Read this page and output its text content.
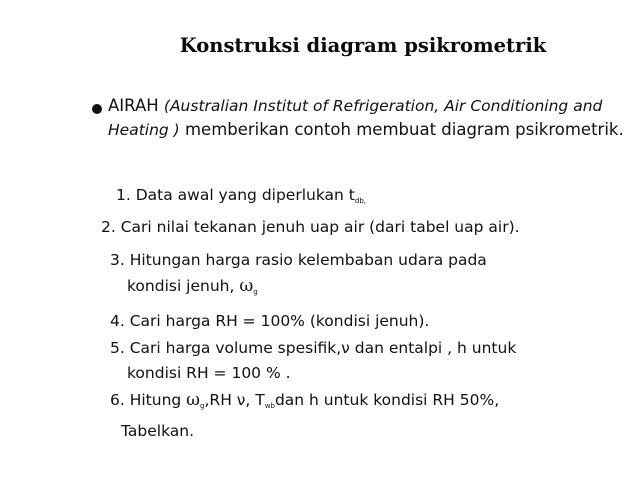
Konstruksi diagram psikrometrik
AIRAH (Australian Institut of Refrigeration, Air Conditioning and Heating ) memberikan contoh membuat diagram psikrometrik.
1. Data awal yang diperlukan $t_{db,}$
2. Cari nilai tekanan jenuh uap air (dari tabel uap air).
3. Hitungan harga rasio kelembaban udara pada
kondisi jenuh, $\omega_g$
4. Cari harga RH = 100% (kondisi jenuh).
5. Cari harga volume spesifik,ν dan entalpi , h untuk
kondisi RH = 100 % .
6. Hitung $\omega_g,RH$ ν, $T_{wb}dan$ h untuk kondisi RH 50%,
Tabelkan.
